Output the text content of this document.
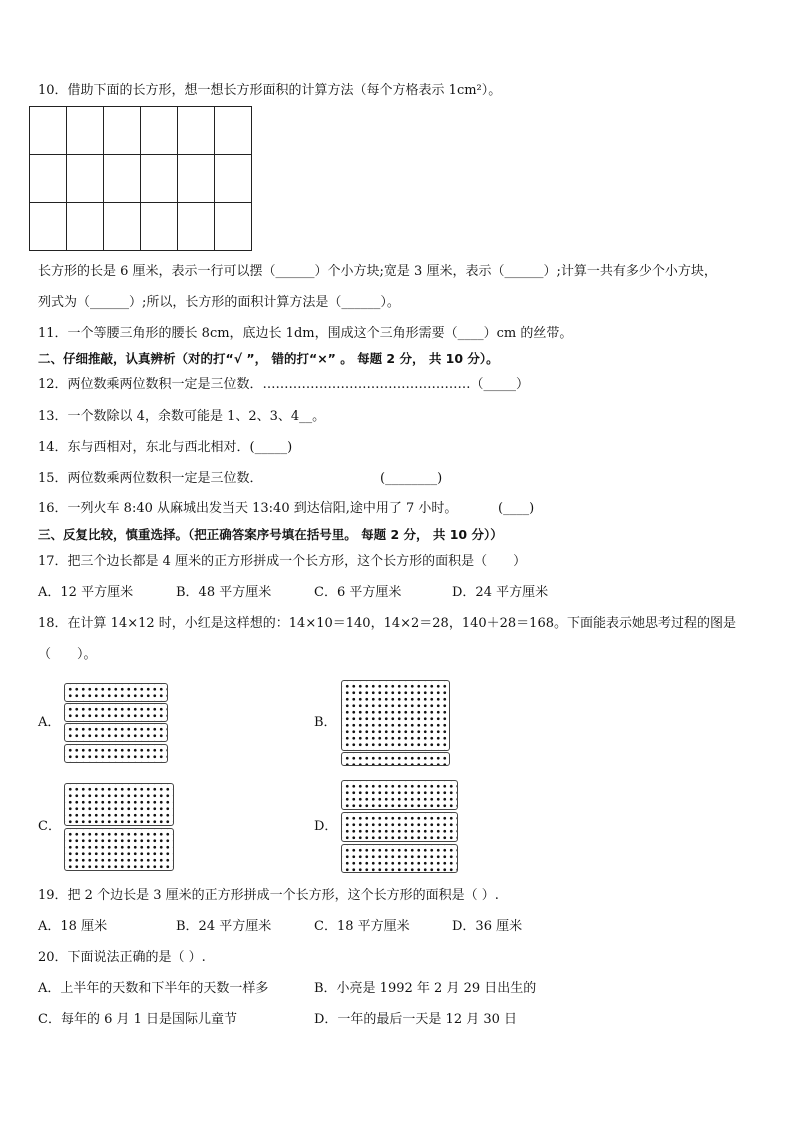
10．借助下面的长方形，想一想长方形面积的计算方法（每个方格表示 1cm²）。

长方形的长是 6 厘米，表示一行可以摆（______）个小方块;宽是 3 厘米，表示（______）;计算一共有多少个小方块，
列式为（______）;所以，长方形的面积计算方法是（______）。
11．一个等腰三角形的腰长 8cm，底边长 1dm，围成这个三角形需要（____）cm 的丝带。
二、仔细推敲，认真辨析（对的打“√ ”， 错的打“×” 。 每题 2 分， 共 10 分）。
12．两位数乘两位数积一定是三位数．…………………………………………（_____）
13．一个数除以 4，余数可能是 1、2、3、4__。
14．东与西相对，东北与西北相对．(_____)
15．两位数乘两位数积一定是三位数．	(________)
16．一列火车 8:40 从麻城出发当天 13:40 到达信阳,途中用了 7 小时。	(____)
三、反复比较，慎重选择。（把正确答案序号填在括号里。 每题 2 分， 共 10 分））
17．把三个边长都是 4 厘米的正方形拼成一个长方形，这个长方形的面积是（　　）
A．12 平方厘米	B．48 平方厘米	C．6 平方厘米	D．24 平方厘米
18．在计算 14×12 时，小红是这样想的：14×10＝140，14×2＝28，140＋28＝168。下面能表示她思考过程的图是
（　　）。
A．	B．
C．	D．
19．把 2 个边长是 3 厘米的正方形拼成一个长方形，这个长方形的面积是（ ）.
A．18 厘米	B．24 平方厘米	C．18 平方厘米	D．36 厘米
20．下面说法正确的是（ ）.
A．上半年的天数和下半年的天数一样多	B．小亮是 1992 年 2 月 29 日出生的
C．每年的 6 月 1 日是国际儿童节	D．一年的最后一天是 12 月 30 日
